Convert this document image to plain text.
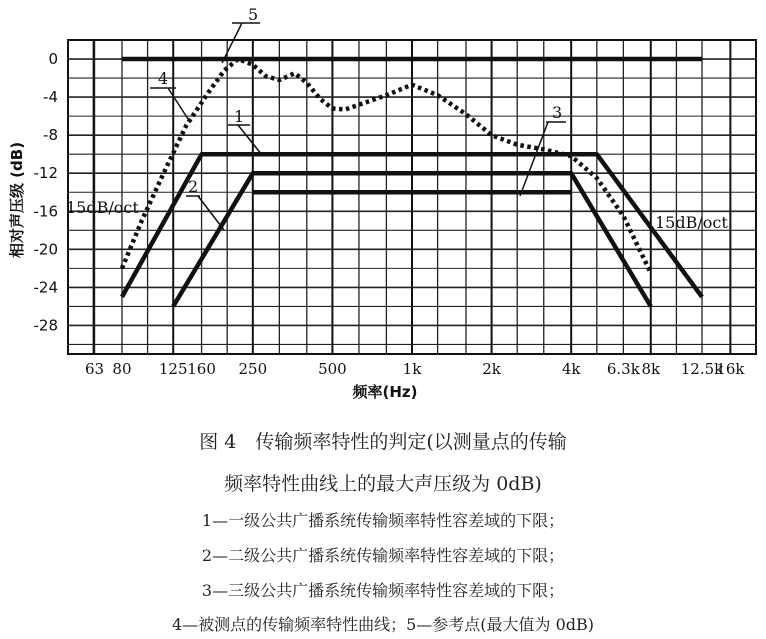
0
-4
-8
-12
-16
-20
-24
-28
63 80 125 160 250	500	1k	2k	4k 6.3k 8k 12.5k
16k
5
4
1
2
3
15dB/oct
15dB/oct
频率(Hz)
相对声压级 (dB)
图 4　传输频率特性的判定(以测量点的传输
频率特性曲线上的最大声压级为 0dB)
1—一级公共广播系统传输频率特性容差域的下限；
2—二级公共广播系统传输频率特性容差域的下限；
3—三级公共广播系统传输频率特性容差域的下限；
4—被测点的传输频率特性曲线；5—参考点(最大值为 0dB)
